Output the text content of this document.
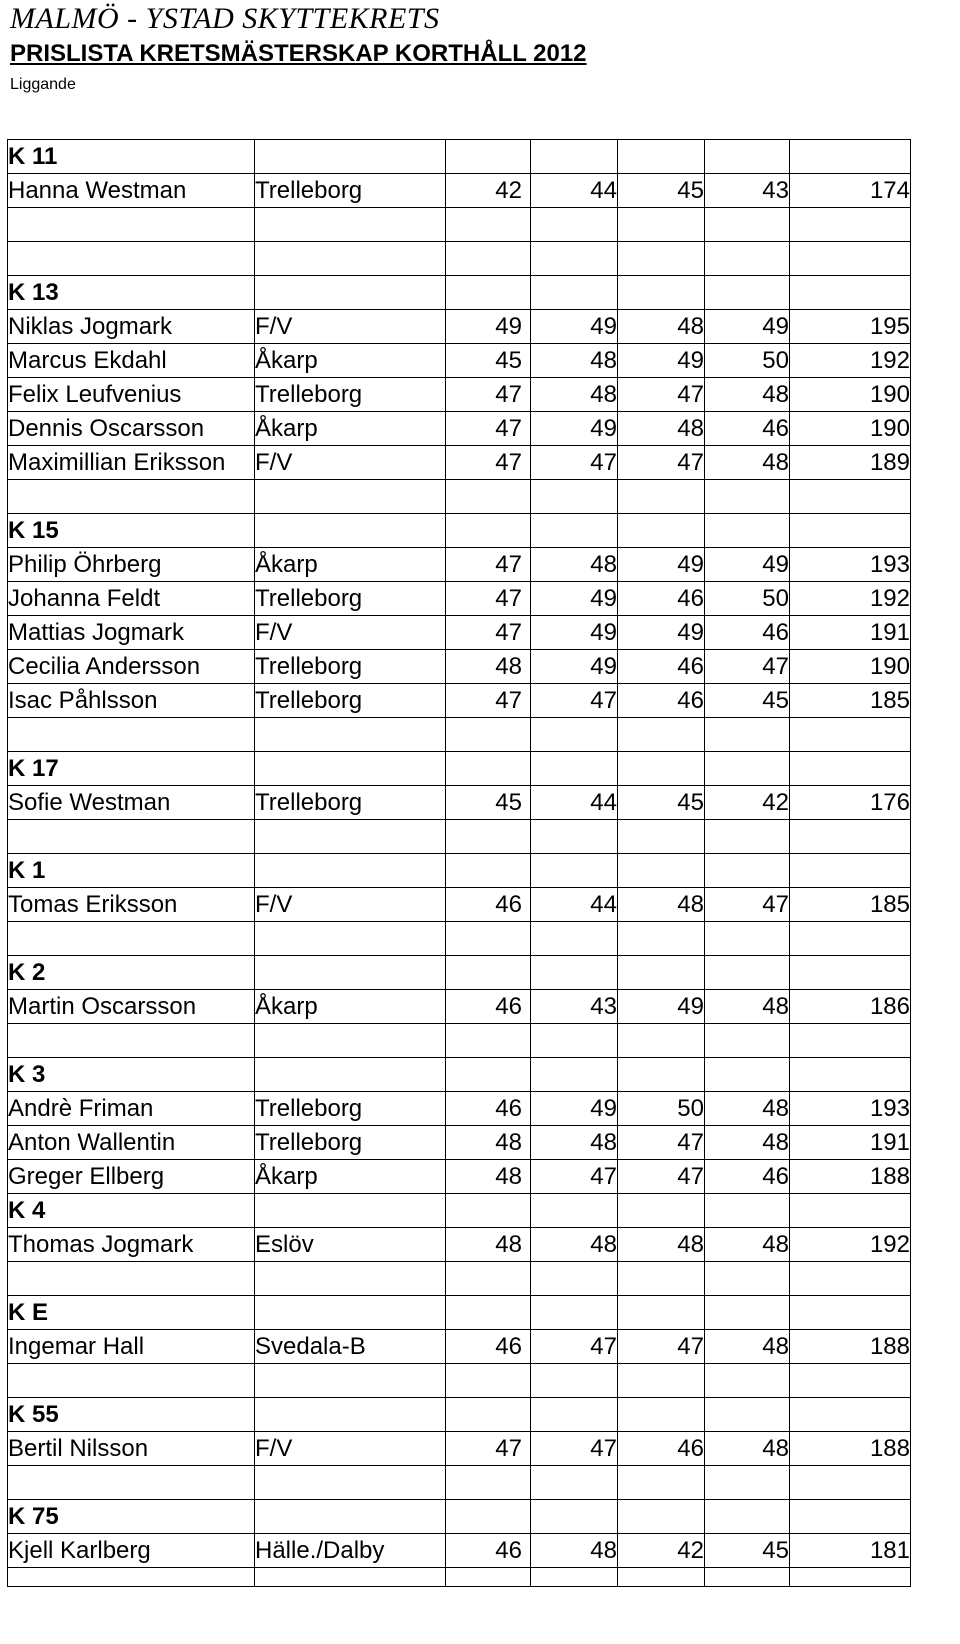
MALMÖ - YSTAD SKYTTEKRETS
PRISLISTA KRETSMÄSTERSKAP KORTHÅLL 2012
Liggande
K 11						
Hanna Westman	Trelleborg	42	44	45	43	174

K 13						
Niklas Jogmark	F/V	49	49	48	49	195
Marcus Ekdahl	Åkarp	45	48	49	50	192
Felix Leufvenius	Trelleborg	47	48	47	48	190
Dennis Oscarsson	Åkarp	47	49	48	46	190
Maximillian Eriksson	F/V	47	47	47	48	189

K 15						
Philip Öhrberg	Åkarp	47	48	49	49	193
Johanna Feldt	Trelleborg	47	49	46	50	192
Mattias Jogmark	F/V	47	49	49	46	191
Cecilia Andersson	Trelleborg	48	49	46	47	190
Isac Påhlsson	Trelleborg	47	47	46	45	185

K 17						
Sofie Westman	Trelleborg	45	44	45	42	176

K 1						
Tomas Eriksson	F/V	46	44	48	47	185

K 2						
Martin Oscarsson	Åkarp	46	43	49	48	186

K 3						
Andrè Friman	Trelleborg	46	49	50	48	193
Anton Wallentin	Trelleborg	48	48	47	48	191
Greger Ellberg	Åkarp	48	47	47	46	188
K 4						
Thomas Jogmark	Eslöv	48	48	48	48	192

K E						
Ingemar Hall	Svedala-B	46	47	47	48	188

K 55						
Bertil Nilsson	F/V	47	47	46	48	188

K 75						
Kjell Karlberg	Hälle./Dalby	46	48	42	45	181
